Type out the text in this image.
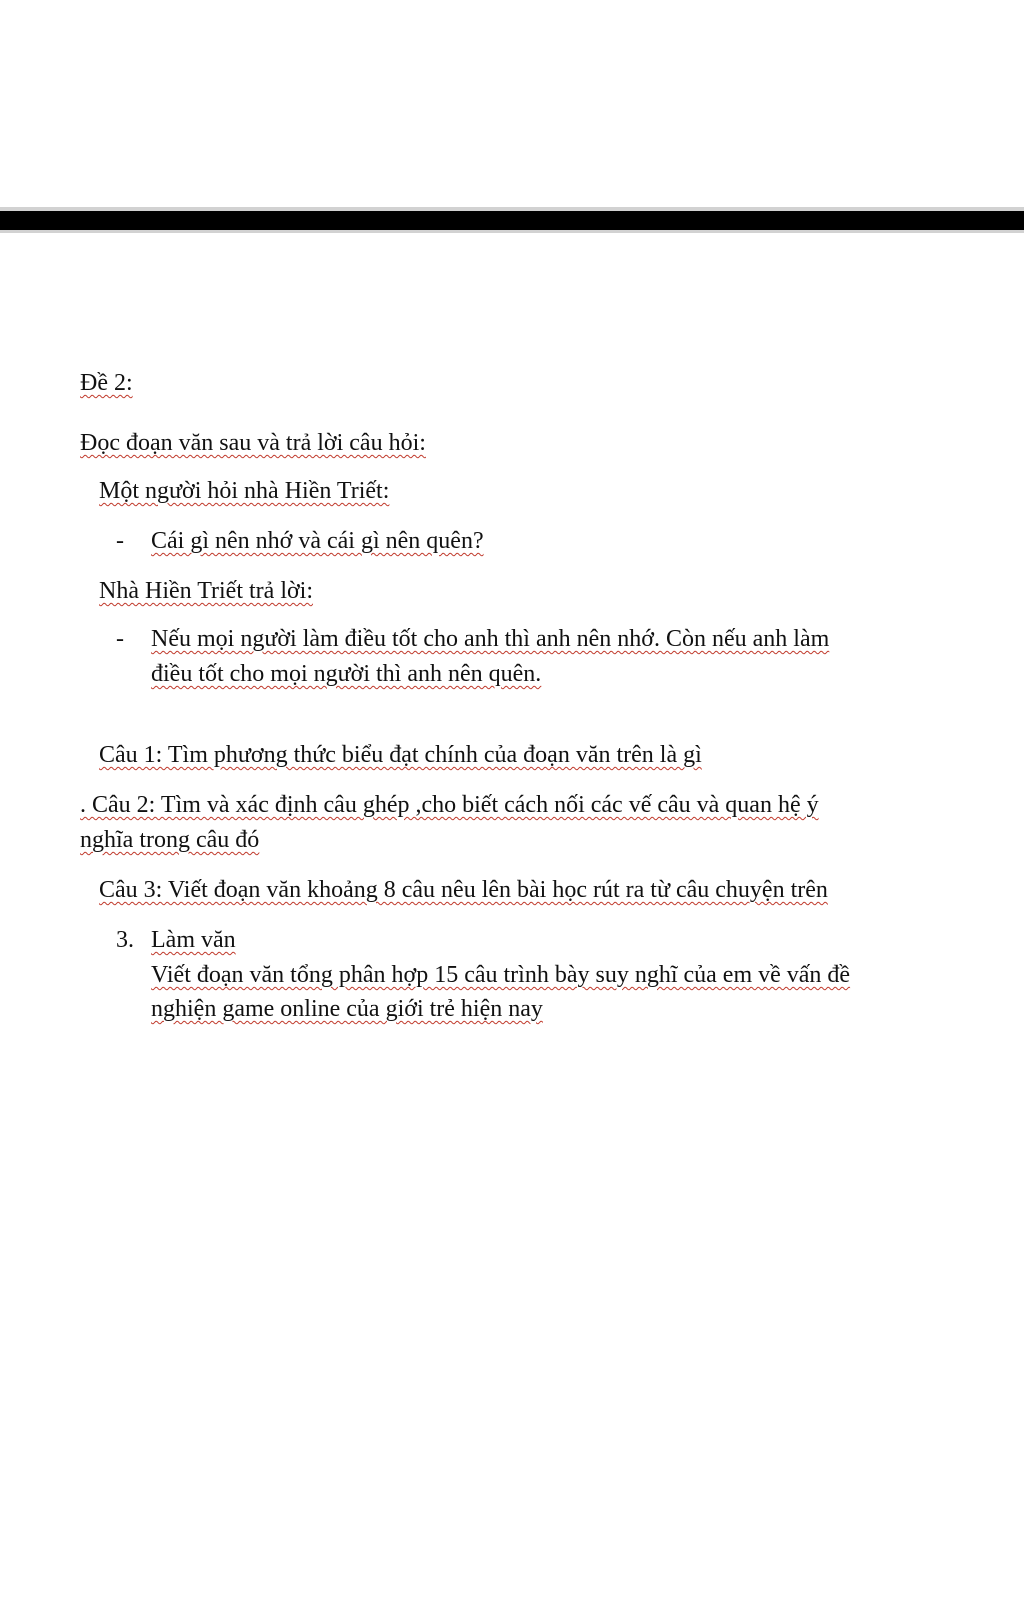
Đề 2:
Đọc đoạn văn sau và trả lời câu hỏi:
Một người hỏi nhà Hiền Triết:
- Cái gì nên nhớ và cái gì nên quên?
Nhà Hiền Triết trả lời:
- Nếu mọi người làm điều tốt cho anh thì anh nên nhớ. Còn nếu anh làm
điều tốt cho mọi người thì anh nên quên.
Câu 1: Tìm phương thức biểu đạt chính của đoạn văn trên là gì
. Câu 2: Tìm và xác định câu ghép ,cho biết cách nối các vế câu và quan hệ ý
nghĩa trong câu đó
Câu 3: Viết đoạn văn khoảng 8 câu nêu lên bài học rút ra từ câu chuyện trên
3. Làm văn
Viết đoạn văn tổng phân hợp 15 câu trình bày suy nghĩ của em về vấn đề
nghiện game online của giới trẻ hiện nay
